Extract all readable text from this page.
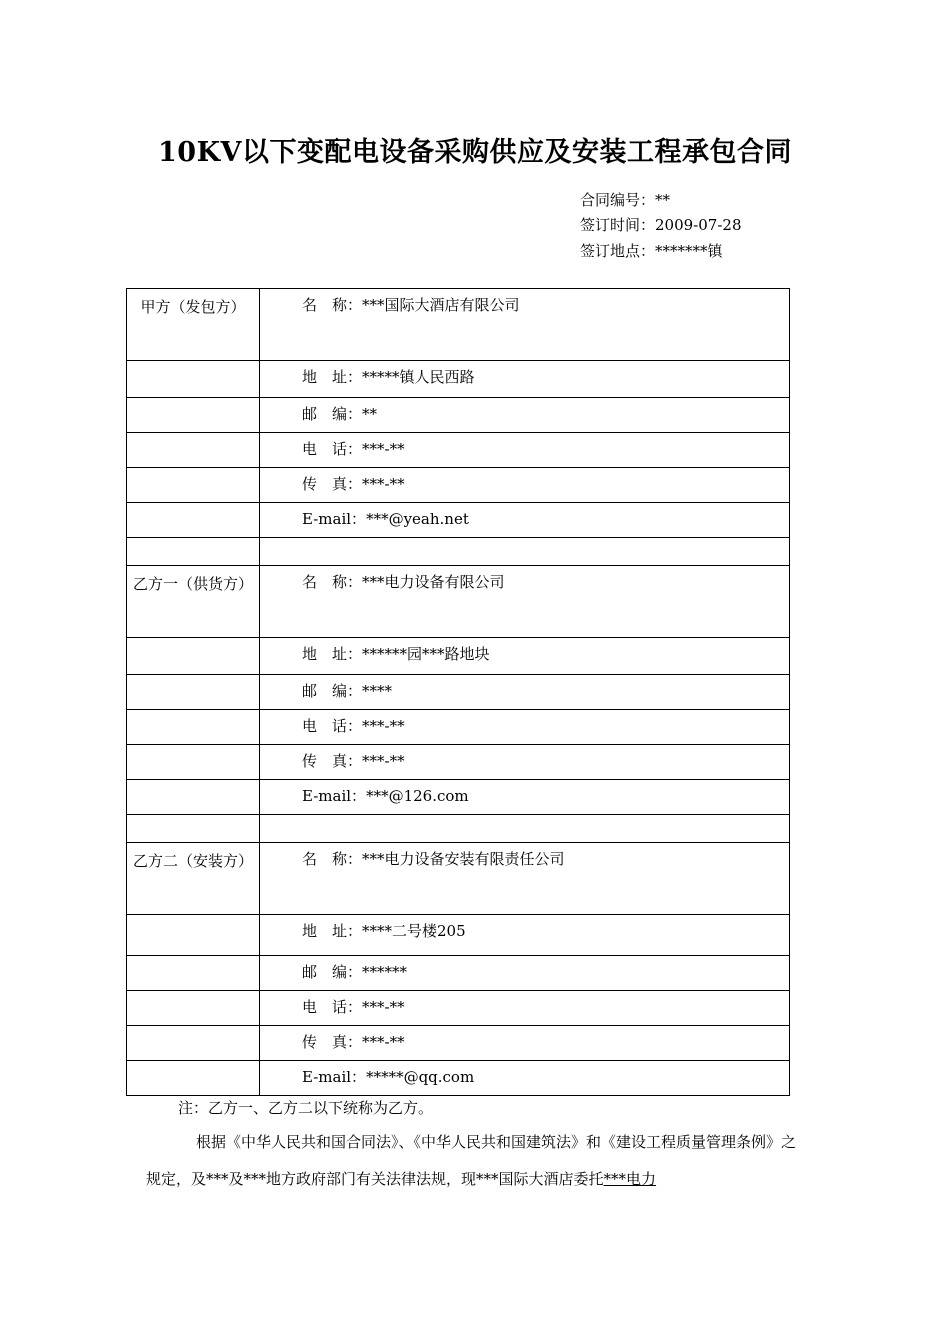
10KV以下变配电设备采购供应及安装工程承包合同
合同编号：**
签订时间：2009-07-28
签订地点：*******镇
甲方（发包方）	名　称：***国际大酒店有限公司
	地　址：*****镇人民西路
	邮　编：**
	电　话：***-**
	传　真：***-**
	E-mail：***@yeah.net

乙方一（供货方）	名　称：***电力设备有限公司
	地　址：******园***路地块
	邮　编：****
	电　话：***-**
	传　真：***-**
	E-mail：***@126.com

乙方二（安装方）	名　称：***电力设备安装有限责任公司
	地　址：****二号楼205
	邮　编：******
	电　话：***-**
	传　真：***-**
	E-mail：*****@qq.com
注：乙方一、乙方二以下统称为乙方。

根据《中华人民共和国合同法》、《中华人民共和国建筑法》和《建设工程质量管理条例》之规定，及***及***地方政府部门有关法律法规，现***国际大酒店委托***电力
